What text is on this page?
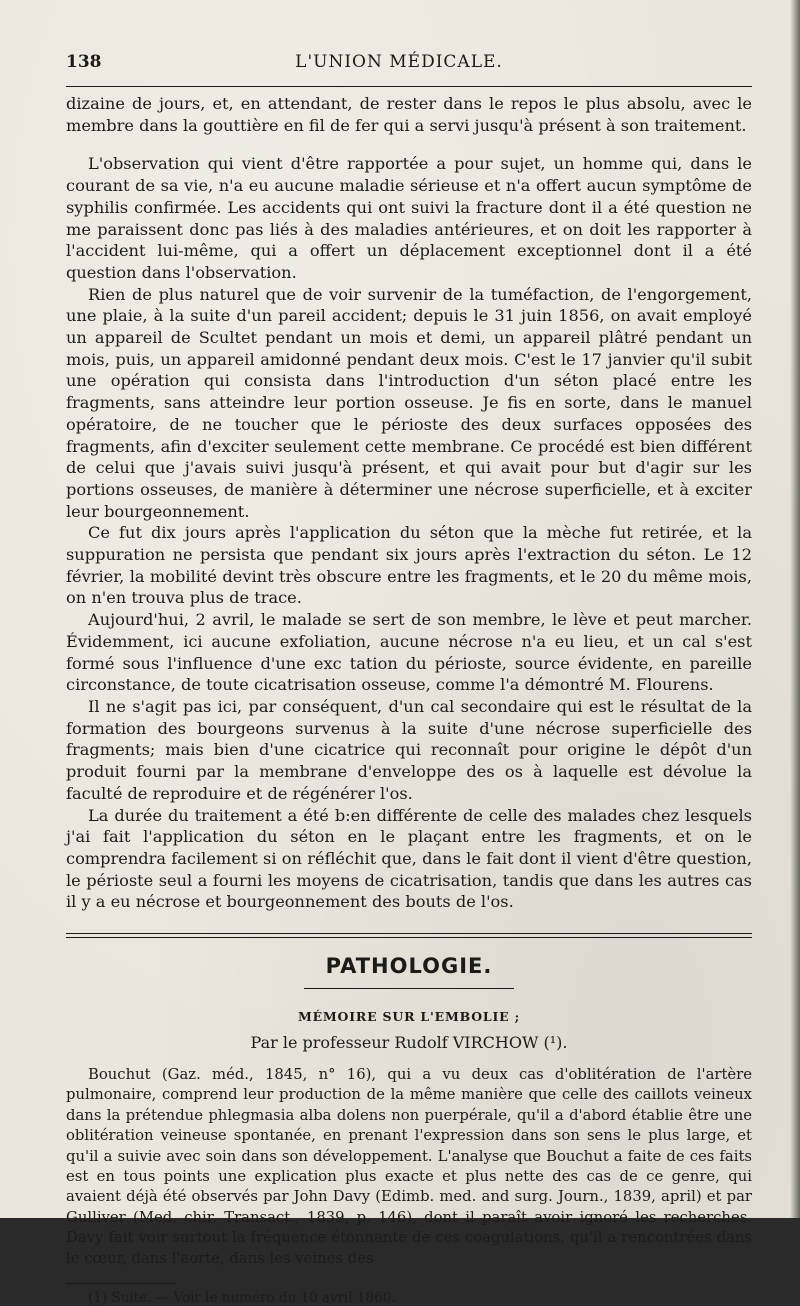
138	L'UNION MÉDICALE.

dizaine de jours, et, en attendant, de rester dans le repos le plus absolu, avec le membre dans la gouttière en fil de fer qui a servi jusqu'à présent à son traitement.

L'observation qui vient d'être rapportée a pour sujet, un homme qui, dans le courant de sa vie, n'a eu aucune maladie sérieuse et n'a offert aucun symptôme de syphilis confirmée. Les accidents qui ont suivi la fracture dont il a été question ne me paraissent donc pas liés à des maladies antérieures, et on doit les rapporter à l'accident lui-même, qui a offert un déplacement exceptionnel dont il a été question dans l'observation.

Rien de plus naturel que de voir survenir de la tuméfaction, de l'engorgement, une plaie, à la suite d'un pareil accident; depuis le 31 juin 1856, on avait employé un appareil de Scultet pendant un mois et demi, un appareil plâtré pendant un mois, puis, un appareil amidonné pendant deux mois. C'est le 17 janvier qu'il subit une opération qui consista dans l'introduction d'un séton placé entre les fragments, sans atteindre leur portion osseuse. Je fis en sorte, dans le manuel opératoire, de ne toucher que le périoste des deux surfaces opposées des fragments, afin d'exciter seulement cette membrane. Ce procédé est bien différent de celui que j'avais suivi jusqu'à présent, et qui avait pour but d'agir sur les portions osseuses, de manière à déterminer une nécrose superficielle, et à exciter leur bourgeonnement.

Ce fut dix jours après l'application du séton que la mèche fut retirée, et la suppuration ne persista que pendant six jours après l'extraction du séton. Le 12 février, la mobilité devint très obscure entre les fragments, et le 20 du même mois, on n'en trouva plus de trace.

Aujourd'hui, 2 avril, le malade se sert de son membre, le lève et peut marcher. Évidemment, ici aucune exfoliation, aucune nécrose n'a eu lieu, et un cal s'est formé sous l'influence d'une exc tation du périoste, source évidente, en pareille circonstance, de toute cicatrisation osseuse, comme l'a démontré M. Flourens.

Il ne s'agit pas ici, par conséquent, d'un cal secondaire qui est le résultat de la formation des bourgeons survenus à la suite d'une nécrose superficielle des fragments; mais bien d'une cicatrice qui reconnaît pour origine le dépôt d'un produit fourni par la membrane d'enveloppe des os à laquelle est dévolue la faculté de reproduire et de régénérer l'os.

La durée du traitement a été b:en différente de celle des malades chez lesquels j'ai fait l'application du séton en le plaçant entre les fragments, et on le comprendra facilement si on réfléchit que, dans le fait dont il vient d'être question, le périoste seul a fourni les moyens de cicatrisation, tandis que dans les autres cas il y a eu nécrose et bourgeonnement des bouts de l'os.

PATHOLOGIE.
MÉMOIRE SUR L'EMBOLIE ;
Par le professeur Rudolf VIRCHOW (¹).

Bouchut (Gaz. méd., 1845, n° 16), qui a vu deux cas d'oblitération de l'artère pulmonaire, comprend leur production de la même manière que celle des caillots veineux dans la prétendue phlegmasia alba dolens non puerpérale, qu'il a d'abord établie être une oblitération veineuse spontanée, en prenant l'expression dans son sens le plus large, et qu'il a suivie avec soin dans son développement. L'analyse que Bouchut a faite de ces faits est en tous points une explication plus exacte et plus nette des cas de ce genre, qui avaient déjà été observés par John Davy (Edimb. med. and surg. Journ., 1839, april) et par Gulliver (Med. chir. Transact., 1839, p. 146), dont il paraît avoir ignoré les recherches. Davy fait voir surtout la fréquence étonnante de ces coagulations, qu'il a rencontrées dans le cœur, dans l'aorte, dans les veines des

(1) Suite. — Voir le numéro du 10 avril 1860.
